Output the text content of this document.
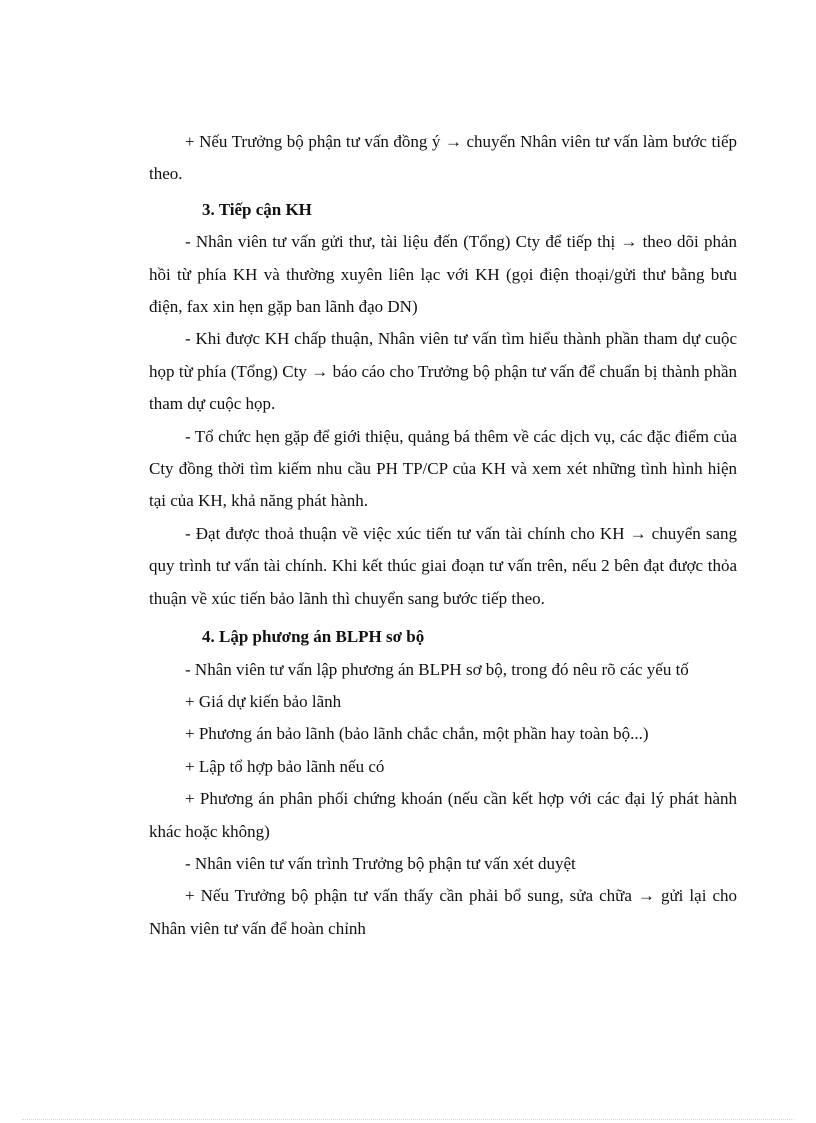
+ Nếu Trưởng bộ phận tư vấn đồng ý → chuyển Nhân viên tư vấn làm bước tiếp theo.

3. Tiếp cận KH

- Nhân viên tư vấn gửi thư, tài liệu đến (Tổng) Cty để tiếp thị → theo dõi phản hồi từ phía KH và thường xuyên liên lạc với KH (gọi điện thoại/gửi thư bằng bưu điện, fax xin hẹn gặp ban lãnh đạo DN)

- Khi được KH chấp thuận, Nhân viên tư vấn tìm hiểu thành phần tham dự cuộc họp từ phía (Tổng) Cty → báo cáo cho Trưởng bộ phận tư vấn để chuẩn bị thành phần tham dự cuộc họp.

- Tổ chức hẹn gặp để giới thiệu, quảng bá thêm về các dịch vụ, các đặc điểm của Cty đồng thời tìm kiếm nhu cầu PH TP/CP của KH và xem xét những tình hình hiện tại của KH, khả năng phát hành.

- Đạt được thoả thuận về việc xúc tiến tư vấn tài chính cho KH → chuyển sang quy trình tư vấn tài chính. Khi kết thúc giai đoạn tư vấn trên, nếu 2 bên đạt được thỏa thuận về xúc tiến bảo lãnh thì chuyển sang bước tiếp theo.

4. Lập phương án BLPH sơ bộ

- Nhân viên tư vấn lập phương án BLPH sơ bộ, trong đó nêu rõ các yếu tố

+ Giá dự kiến bảo lãnh

+ Phương án bảo lãnh (bảo lãnh chắc chắn, một phần hay toàn bộ...)

+ Lập tổ hợp bảo lãnh nếu có

+ Phương án phân phối chứng khoán (nếu cần kết hợp với các đại lý phát hành khác hoặc không)

- Nhân viên tư vấn trình Trưởng bộ phận tư vấn xét duyệt

+ Nếu Trưởng bộ phận tư vấn thấy cần phải bổ sung, sửa chữa → gửi lại cho Nhân viên tư vấn để hoàn chỉnh
